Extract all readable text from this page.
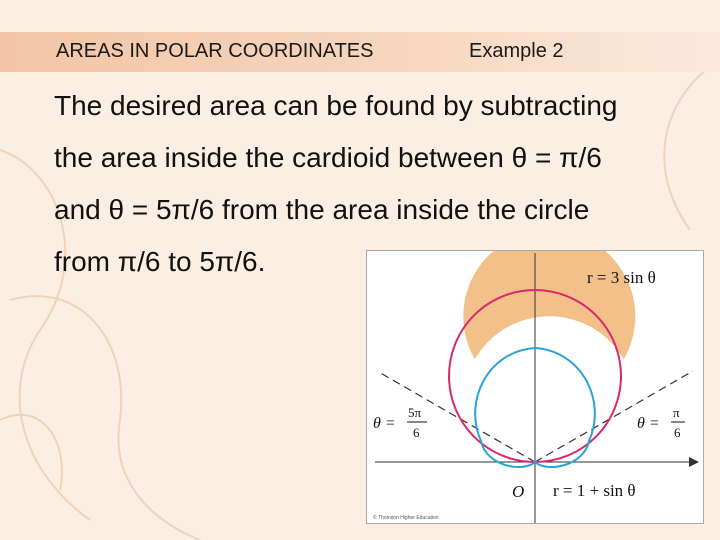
AREAS IN POLAR COORDINATES	Example 2
The desired area can be found by subtracting
the area inside the cardioid between θ = π/6
and θ = 5π/6 from the area inside the circle
from π/6 to 5π/6.
r = 3 sin θ
r = 1 + sin θ
O
θ =
5π
6
θ =
π
6
© Thomson Higher Education
